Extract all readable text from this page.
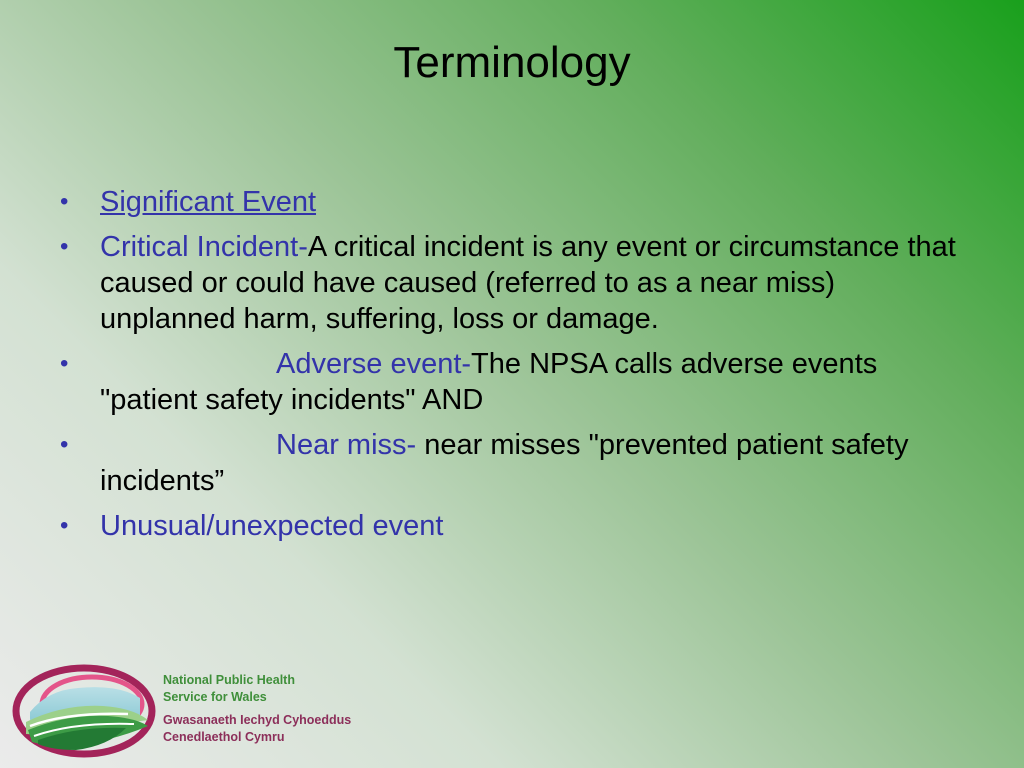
Terminology
•	Significant Event
•	Critical Incident-A critical incident is any event or circumstance that caused or could have caused (referred to as a near miss) unplanned harm, suffering, loss or damage.
•	Adverse event-The NPSA calls adverse events "patient safety incidents" AND
•	Near miss- near misses "prevented patient safety incidents”
•	Unusual/unexpected event
National Public Health
Service for Wales
Gwasanaeth Iechyd Cyhoeddus
Cenedlaethol Cymru
